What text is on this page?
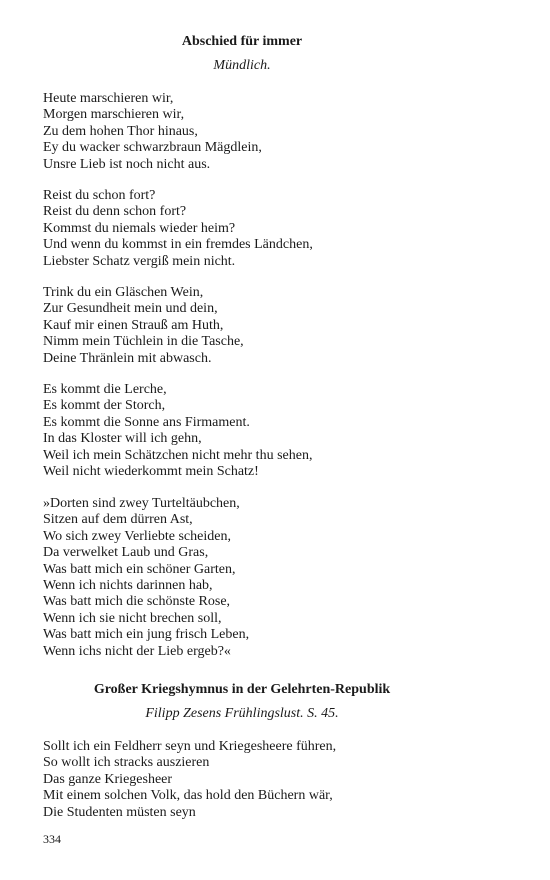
Abschied für immer
Mündlich.
Heute marschieren wir,
Morgen marschieren wir,
Zu dem hohen Thor hinaus,
Ey du wacker schwarzbraun Mägdlein,
Unsre Lieb ist noch nicht aus.
Reist du schon fort?
Reist du denn schon fort?
Kommst du niemals wieder heim?
Und wenn du kommst in ein fremdes Ländchen,
Liebster Schatz vergiß mein nicht.
Trink du ein Gläschen Wein,
Zur Gesundheit mein und dein,
Kauf mir einen Strauß am Huth,
Nimm mein Tüchlein in die Tasche,
Deine Thränlein mit abwasch.
Es kommt die Lerche,
Es kommt der Storch,
Es kommt die Sonne ans Firmament.
In das Kloster will ich gehn,
Weil ich mein Schätzchen nicht mehr thu sehen,
Weil nicht wiederkommt mein Schatz!
»Dorten sind zwey Turteltäubchen,
Sitzen auf dem dürren Ast,
Wo sich zwey Verliebte scheiden,
Da verwelket Laub und Gras,
Was batt mich ein schöner Garten,
Wenn ich nichts darinnen hab,
Was batt mich die schönste Rose,
Wenn ich sie nicht brechen soll,
Was batt mich ein jung frisch Leben,
Wenn ichs nicht der Lieb ergeb?«
Großer Kriegshymnus in der Gelehrten-Republik
Filipp Zesens Frühlingslust. S. 45.
Sollt ich ein Feldherr seyn und Kriegesheere führen,
So wollt ich stracks auszieren
Das ganze Kriegesheer
Mit einem solchen Volk, das hold den Büchern wär,
Die Studenten müsten seyn
334
